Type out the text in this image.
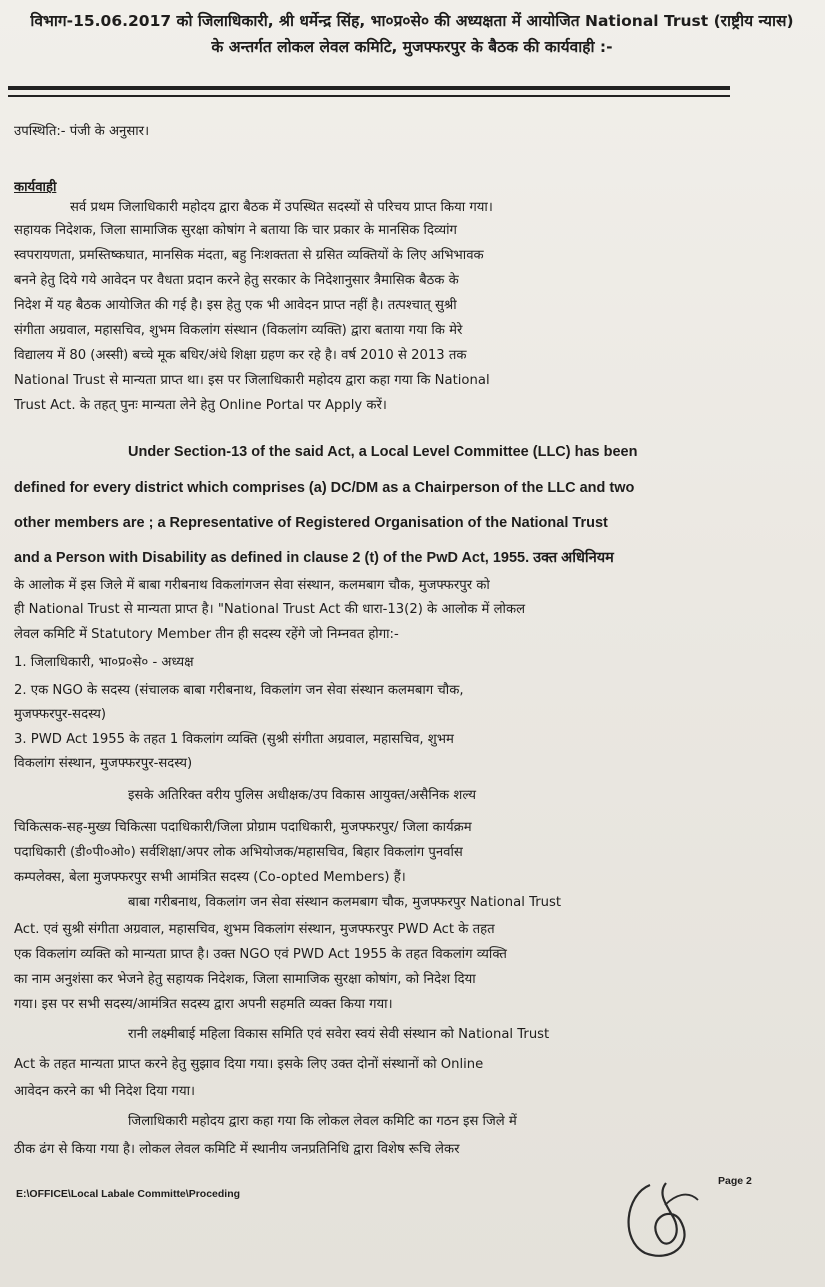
विभाग-15.06.2017 को जिलाधिकारी, श्री धर्मेन्द्र सिंह, भा०प्र०से० की अध्यक्षता में आयोजित National Trust (राष्ट्रीय न्यास) के अन्तर्गत लोकल लेवल कमिटि, मुजफ्फरपुर के बैठक की कार्यवाही :-
उपस्थिति:- पंजी के अनुसार।
कार्यवाही
सर्व प्रथम जिलाधिकारी महोदय द्वारा बैठक में उपस्थित सदस्यों से परिचय प्राप्त किया गया।
सहायक निदेशक, जिला सामाजिक सुरक्षा कोषांग ने बताया कि चार प्रकार के मानसिक दिव्यांग
स्वपरायणता, प्रमस्तिष्कघात, मानसिक मंदता, बहु निःशक्तता से ग्रसित व्यक्तियों के लिए अभिभावक
बनने हेतु दिये गये आवेदन पर वैधता प्रदान करने हेतु सरकार के निदेशानुसार त्रैमासिक बैठक के
निदेश में यह बैठक आयोजित की गई है। इस हेतु एक भी आवेदन प्राप्त नहीं है। तत्पश्चात् सुश्री
संगीता अग्रवाल, महासचिव, शुभम विकलांग संस्थान (विकलांग व्यक्ति) द्वारा बताया गया कि मेरे
विद्यालय में 80 (अस्सी) बच्चे मूक बधिर/अंधे शिक्षा ग्रहण कर रहे है। वर्ष 2010 से 2013 तक
National Trust से मान्यता प्राप्त था। इस पर जिलाधिकारी महोदय द्वारा कहा गया कि National
Trust Act. के तहत् पुनः मान्यता लेने हेतु Online Portal पर Apply करें।
Under Section-13 of the said Act, a Local Level Committee (LLC) has been
defined for every district which comprises (a) DC/DM as a Chairperson of the LLC and two
other members are ; a Representative of Registered Organisation of the National Trust
and a Person with Disability as defined in clause 2 (t) of the PwD Act, 1955. उक्त अधिनियम
के आलोक में इस जिले में बाबा गरीबनाथ विकलांगजन सेवा संस्थान, कलमबाग चौक, मुजफ्फरपुर को
ही National Trust से मान्यता प्राप्त है। "National Trust Act की धारा-13(2) के आलोक में लोकल
लेवल कमिटि में Statutory Member तीन ही सदस्य रहेंगे जो निम्नवत होगा:-
1. जिलाधिकारी, भा०प्र०से० - अध्यक्ष
2. एक NGO के सदस्य (संचालक बाबा गरीबनाथ, विकलांग जन सेवा संस्थान कलमबाग चौक,
मुजफ्फरपुर-सदस्य)
3. PWD Act 1955 के तहत 1 विकलांग व्यक्ति (सुश्री संगीता अग्रवाल, महासचिव, शुभम
विकलांग संस्थान, मुजफ्फरपुर-सदस्य)
इसके अतिरिक्त वरीय पुलिस अधीक्षक/उप विकास आयुक्त/असैनिक शल्य
चिकित्सक-सह-मुख्य चिकित्सा पदाधिकारी/जिला प्रोग्राम पदाधिकारी, मुजफ्फरपुर/ जिला कार्यक्रम
पदाधिकारी (डी०पी०ओ०) सर्वशिक्षा/अपर लोक अभियोजक/महासचिव, बिहार विकलांग पुनर्वास
कम्पलेक्स, बेला मुजफ्फरपुर सभी आमंत्रित सदस्य (Co-opted Members) हैं।
बाबा गरीबनाथ, विकलांग जन सेवा संस्थान कलमबाग चौक, मुजफ्फरपुर National Trust
Act. एवं सुश्री संगीता अग्रवाल, महासचिव, शुभम विकलांग संस्थान, मुजफ्फरपुर PWD Act के तहत
एक विकलांग व्यक्ति को मान्यता प्राप्त है। उक्त NGO एवं PWD Act 1955 के तहत विकलांग व्यक्ति
का नाम अनुशंसा कर भेजने हेतु सहायक निदेशक, जिला सामाजिक सुरक्षा कोषांग, को निदेश दिया
गया। इस पर सभी सदस्य/आमंत्रित सदस्य द्वारा अपनी सहमति व्यक्त किया गया।
रानी लक्ष्मीबाई महिला विकास समिति एवं सवेरा स्वयं सेवी संस्थान को National Trust
Act के तहत मान्यता प्राप्त करने हेतु सुझाव दिया गया। इसके लिए उक्त दोनों संस्थानों को Online
आवेदन करने का भी निदेश दिया गया।
जिलाधिकारी महोदय द्वारा कहा गया कि लोकल लेवल कमिटि का गठन इस जिले में
ठीक ढंग से किया गया है। लोकल लेवल कमिटि में स्थानीय जनप्रतिनिधि द्वारा विशेष रूचि लेकर
E:\OFFICE\Local Labale Committe\Proceding
Page 2
